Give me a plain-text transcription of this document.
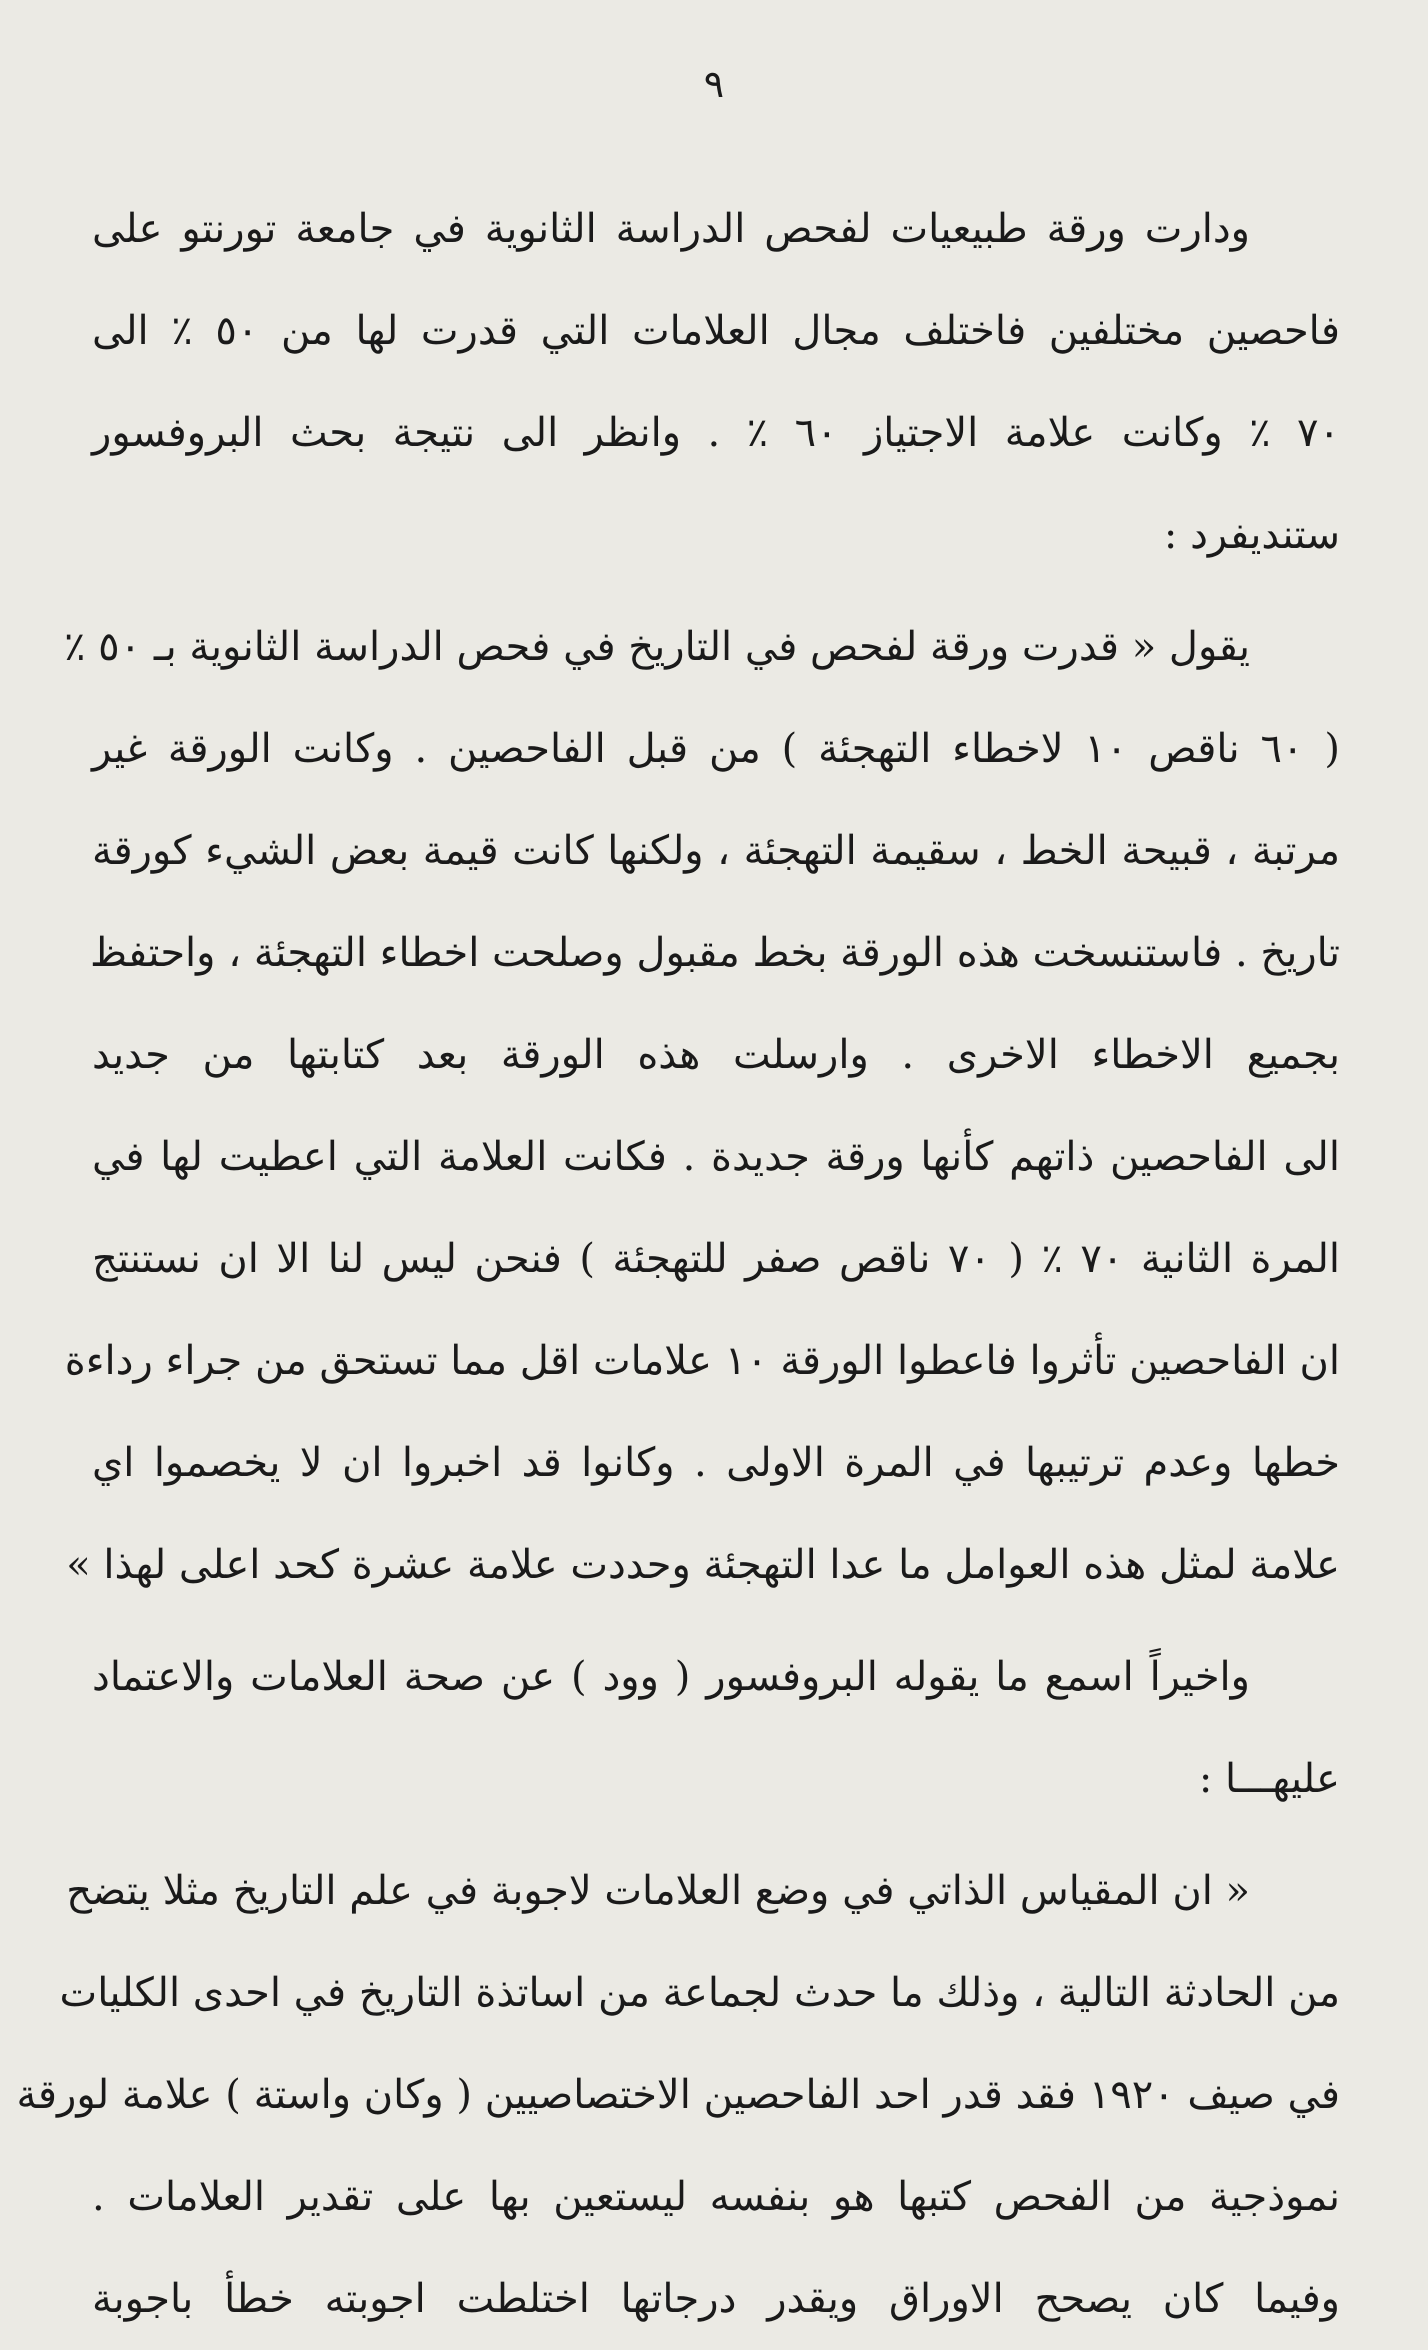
٩
ودارت ورقة طبيعيات لفحص الدراسة الثانوية في جامعة تورنتو على
فاحصين مختلفين فاختلف مجال العلامات التي قدرت لها من ٥٠ ٪ الى
٧٠ ٪ وكانت علامة الاجتياز ٦٠ ٪ . وانظر الى نتيجة بحث البروفسور
ستنديفرد :
يقول « قدرت ورقة لفحص في التاريخ في فحص الدراسة الثانوية بـ ٥٠ ٪
( ٦٠ ناقص ١٠ لاخطاء التهجئة ) من قبل الفاحصين . وكانت الورقة غير
مرتبة ، قبيحة الخط ، سقيمة التهجئة ، ولكنها كانت قيمة بعض الشيء كورقة
تاريخ . فاستنسخت هذه الورقة بخط مقبول وصلحت اخطاء التهجئة ، واحتفظ
بجميع الاخطاء الاخرى . وارسلت هذه الورقة بعد كتابتها من جديد
الى الفاحصين ذاتهم كأنها ورقة جديدة . فكانت العلامة التي اعطيت لها في
المرة الثانية ٧٠ ٪ ( ٧٠ ناقص صفر للتهجئة ) فنحن ليس لنا الا ان نستنتج
ان الفاحصين تأثروا فاعطوا الورقة ١٠ علامات اقل مما تستحق من جراء رداءة
خطها وعدم ترتيبها في المرة الاولى . وكانوا قد اخبروا ان لا يخصموا اي
علامة لمثل هذه العوامل ما عدا التهجئة وحددت علامة عشرة كحد اعلى لهذا »
واخيراً اسمع ما يقوله البروفسور ( وود ) عن صحة العلامات والاعتماد
عليهـــا :
« ان المقياس الذاتي في وضع العلامات لاجوبة في علم التاريخ مثلا يتضح
من الحادثة التالية ، وذلك ما حدث لجماعة من اساتذة التاريخ في احدى الكليات
في صيف ١٩٢٠ فقد قدر احد الفاحصين الاختصاصيين ( وكان واستة ) علامة لورقة
نموذجية من الفحص كتبها هو بنفسه ليستعين بها على تقدير العلامات .
وفيما كان يصحح الاوراق ويقدر درجاتها اختلطت اجوبته خطأ باجوبة
